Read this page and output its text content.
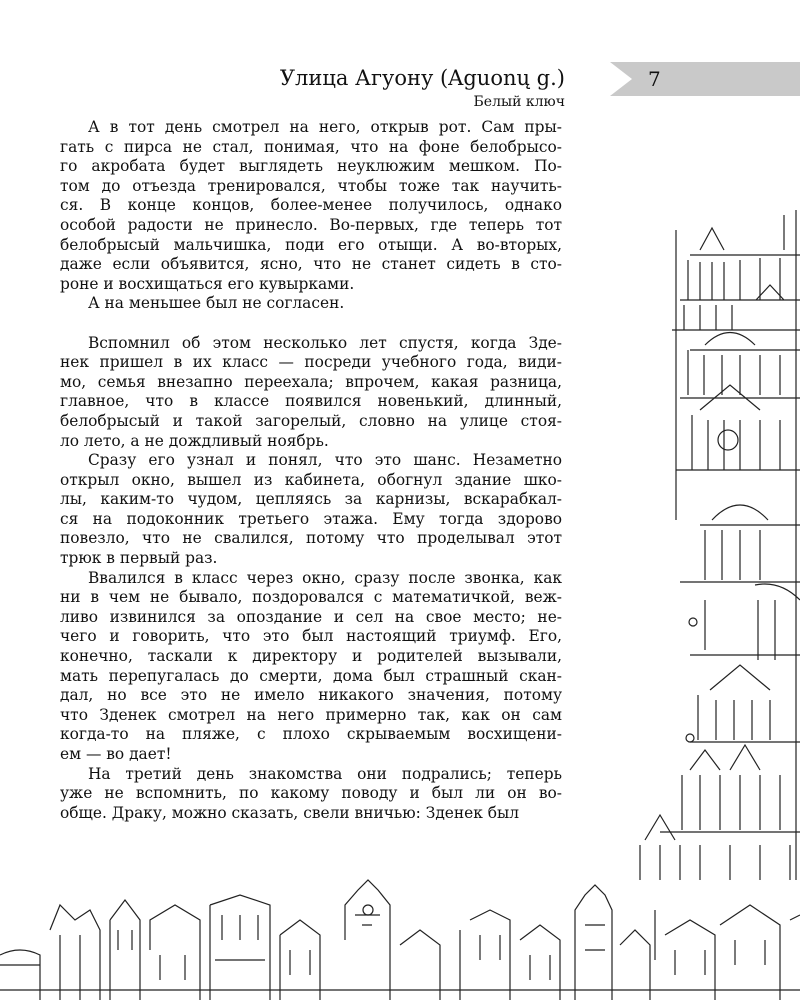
7
Улица Агуону (Aguonų g.)
Белый ключ
А в тот день смотрел на него, открыв рот. Сам пры-
гать с пирса не стал, понимая, что на фоне белобрысо-
го акробата будет выглядеть неуклюжим мешком. По-
том до отъезда тренировался, чтобы тоже так научить-
ся. В конце концов, более-менее получилось, однако
особой радости не принесло. Во-первых, где теперь тот
белобрысый мальчишка, поди его отыщи. А во-вторых,
даже если объявится, ясно, что не станет сидеть в сто-
роне и восхищаться его кувырками.
А на меньшее был не согласен.
Вспомнил об этом несколько лет спустя, когда Зде-
нек пришел в их класс — посреди учебного года, види-
мо, семья внезапно переехала; впрочем, какая разница,
главное, что в классе появился новенький, длинный,
белобрысый и такой загорелый, словно на улице стоя-
ло лето, а не дождливый ноябрь.
Сразу его узнал и понял, что это шанс. Незаметно
открыл окно, вышел из кабинета, обогнул здание шко-
лы, каким-то чудом, цепляясь за карнизы, вскарабкал-
ся на подоконник третьего этажа. Ему тогда здорово
повезло, что не свалился, потому что проделывал этот
трюк в первый раз.
Ввалился в класс через окно, сразу после звонка, как
ни в чем не бывало, поздоровался с математичкой, веж-
ливо извинился за опоздание и сел на свое место; не-
чего и говорить, что это был настоящий триумф. Его,
конечно, таскали к директору и родителей вызывали,
мать перепугалась до смерти, дома был страшный скан-
дал, но все это не имело никакого значения, потому
что Зденек смотрел на него примерно так, как он сам
когда-то на пляже, с плохо скрываемым восхищени-
ем — во дает!
На третий день знакомства они подрались; теперь
уже не вспомнить, по какому поводу и был ли он во-
обще. Драку, можно сказать, свели вничью: Зденек был
